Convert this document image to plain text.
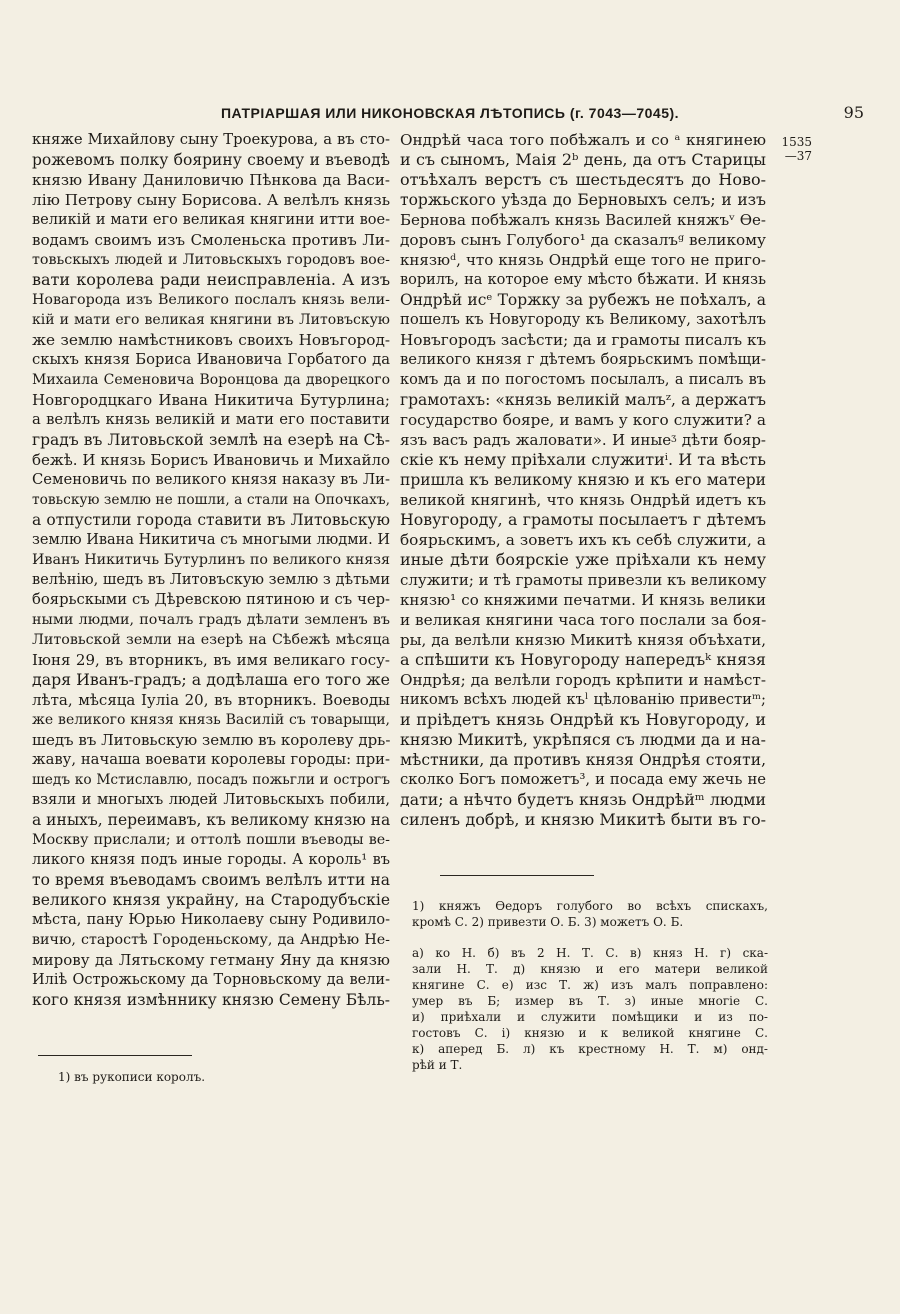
ПАТРІАРШАЯ ИЛИ НИКОНОВСКАЯ ЛѢТОПИСЬ (г. 7043—7045).	95
1535
—37
княже Михайлову сыну Троекурова, а въ сто-
рожевомъ полку боярину своему и въеводѣ
князю Ивану Даниловичю Пѣнкова да Васи-
лію Петрову сыну Борисова. А велѣлъ князь
великій и мати его великая княгини итти вое-
водамъ своимъ изъ Смоленьска противъ Ли-
товьскыхъ людей и Литовьскыхъ городовъ вое-
вати королева ради неисправленіа. А изъ
Новагорода изъ Великого послалъ князь вели-
кій и мати его великая княгини въ Литовъскую
же землю намѣстниковъ своихъ Новъгород-
скыхъ князя Бориса Ивановича Горбатого да
Михаила Семеновича Воронцова да дворецкого
Новгородцкаго Ивана Никитича Бутурлина;
а велѣлъ князь великій и мати его поставити
градъ въ Литовьской землѣ на езерѣ на Сѣ-
бежѣ. И князь Борисъ Ивановичь и Михайло
Семеновичь по великого князя наказу въ Ли-
товьскую землю не пошли, а стали на Опочкахъ,
а отпустили города ставити въ Литовьскую
землю Ивана Никитича съ многыми людми. И
Иванъ Никитичь Бутурлинъ по великого князя
велѣнію, шедъ въ Литовъскую землю з дѣтьми
боярьскыми съ Дѣревскою пятиною и съ чер-
ными людми, почалъ градъ дѣлати земленъ въ
Литовьской земли на езерѣ на Сѣбежѣ мѣсяца
Іюня 29, въ вторникъ, въ имя великаго госу-
даря Иванъ-градъ; а додѣлаша его того же
лѣта, мѣсяца Іуліа 20, въ вторникъ. Воеводы
же великого князя князь Василій съ товарыщи,
шедъ въ Литовьскую землю въ королеву дрь-
жаву, начаша воевати королевы городы: при-
шедъ ко Мстиславлю, посадъ пожьгли и острогъ
взяли и многыхъ людей Литовьскыхъ побили,
а иныхъ, переимавъ, къ великому князю на
Москву прислали; и оттолѣ пошли въеводы ве-
ликого князя подъ иные городы. А король¹ въ
то время въеводамъ своимъ велѣлъ итти на
великого князя украйну, на Стародубъскіе
мѣста, пану Юрью Николаеву сыну Родивило-
вичю, старостѣ Городеньскому, да Андрѣю Не-
мирову да Лятьскому гетману Яну да князю
Иліѣ Острожьскому да Торновьскому да вели-
кого князя измѣннику князю Семену Бѣль-
Ондрѣй часа того побѣжалъ и со ᵃ княгинею
и съ сыномъ, Маія 2ᵇ день, да отъ Старицы
отъѣхалъ верстъ съ шестьдесятъ до Ново-
торжьского уѣзда до Берновыхъ селъ; и изъ
Бернова побѣжалъ князь Василей княжъᵛ Ѳе-
доровъ сынъ Голубого¹ да сказалъᵍ великому
князюᵈ, что князь Ондрѣй еще того не приго-
ворилъ, на которое ему мѣсто бѣжати. И князь
Ондрѣй исᵉ Торжку за рубежъ не поѣхалъ, а
пошелъ къ Новугороду къ Великому, захотѣлъ
Новъгородъ засѣсти; да и грамоты писалъ къ
великого князя г дѣтемъ боярьскимъ помѣщи-
комъ да и по погостомъ посылалъ, а писалъ въ
грамотахъ: «князь великій малъᶻ, а держатъ
государство бояре, и вамъ у кого служити? а
язъ васъ радъ жаловати». И иныеᶾ дѣти бояр-
скіе къ нему пріѣхали служитиⁱ. И та вѣсть
пришла къ великому князю и къ его матери
великой княгинѣ, что князь Ондрѣй идетъ къ
Новугороду, а грамоты посылаетъ г дѣтемъ
боярьскимъ, а зоветъ ихъ къ себѣ служити, а
иные дѣти боярскіе уже пріѣхали къ нему
служити; и тѣ грамоты привезли къ великому
князю¹ со княжими печатми. И князь велики
и великая княгини часа того послали за боя-
ры, да велѣли князю Микитѣ князя объѣхати,
а спѣшити къ Новугороду напередъᵏ князя
Ондрѣя; да велѣли городъ крѣпити и намѣст-
никомъ всѣхъ людей къˡ цѣлованію привестиᵐ;
и пріѣдетъ князь Ондрѣй къ Новугороду, и
князю Микитѣ, укрѣпяся съ людми да и на-
мѣстники, да противъ князя Ондрѣя стояти,
сколко Богъ поможетъ³, и посада ему жечь не
дати; а нѣчто будетъ князь Ондрѣйᵐ людми
силенъ добрѣ, и князю Микитѣ быти въ го-
1) въ рукописи королъ.
1) княжъ Ѳедоръ голубого во всѣхъ спискахъ,
кромѣ С. 2) привезти О. Б. 3) можетъ О. Б.
а) ко Н. б) въ 2 Н. Т. С. в) княз Н. г) ска-
зали Н. Т. д) князю и его матери великой
княгине С. е) изс Т. ж) изъ малъ поправлено:
умер въ Б; измер въ Т. з) иные многіе С.
и) приѣхали и служити помѣщики и из по-
гостовъ С. і) князю и к великой княгине С.
к) аперед Б. л) къ крестному Н. Т. м) онд-
рѣй и Т.
